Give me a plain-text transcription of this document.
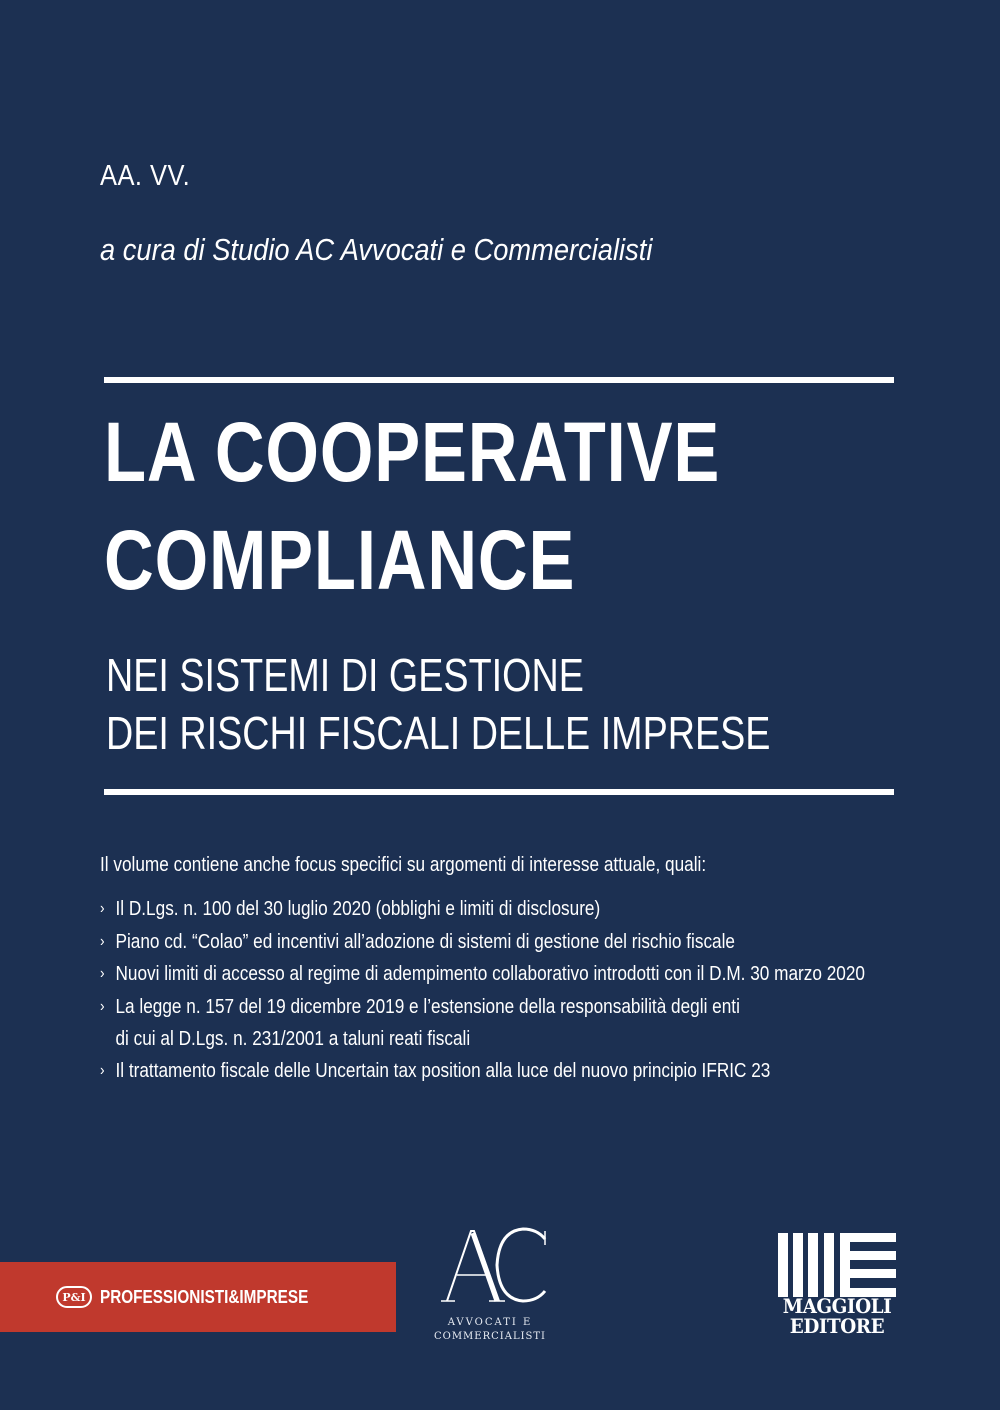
AA. VV.
a cura di Studio AC Avvocati e Commercialisti
LA COOPERATIVE
COMPLIANCE
NEI SISTEMI DI GESTIONE
DEI RISCHI FISCALI DELLE IMPRESE
Il volume contiene anche focus specifici su argomenti di interesse attuale, quali:
› Il D.Lgs. n. 100 del 30 luglio 2020 (obblighi e limiti di disclosure)
› Piano cd. “Colao” ed incentivi all’adozione di sistemi di gestione del rischio fiscale
› Nuovi limiti di accesso al regime di adempimento collaborativo introdotti con il D.M. 30 marzo 2020
› La legge n. 157 del 19 dicembre 2019 e l’estensione della responsabilità degli enti
di cui al D.Lgs. n. 231/2001 a taluni reati fiscali
› Il trattamento fiscale delle Uncertain tax position alla luce del nuovo principio IFRIC 23
P&I PROFESSIONISTI&IMPRESE
AVVOCATI E
COMMERCIALISTI
MAGGIOLI
EDITORE
